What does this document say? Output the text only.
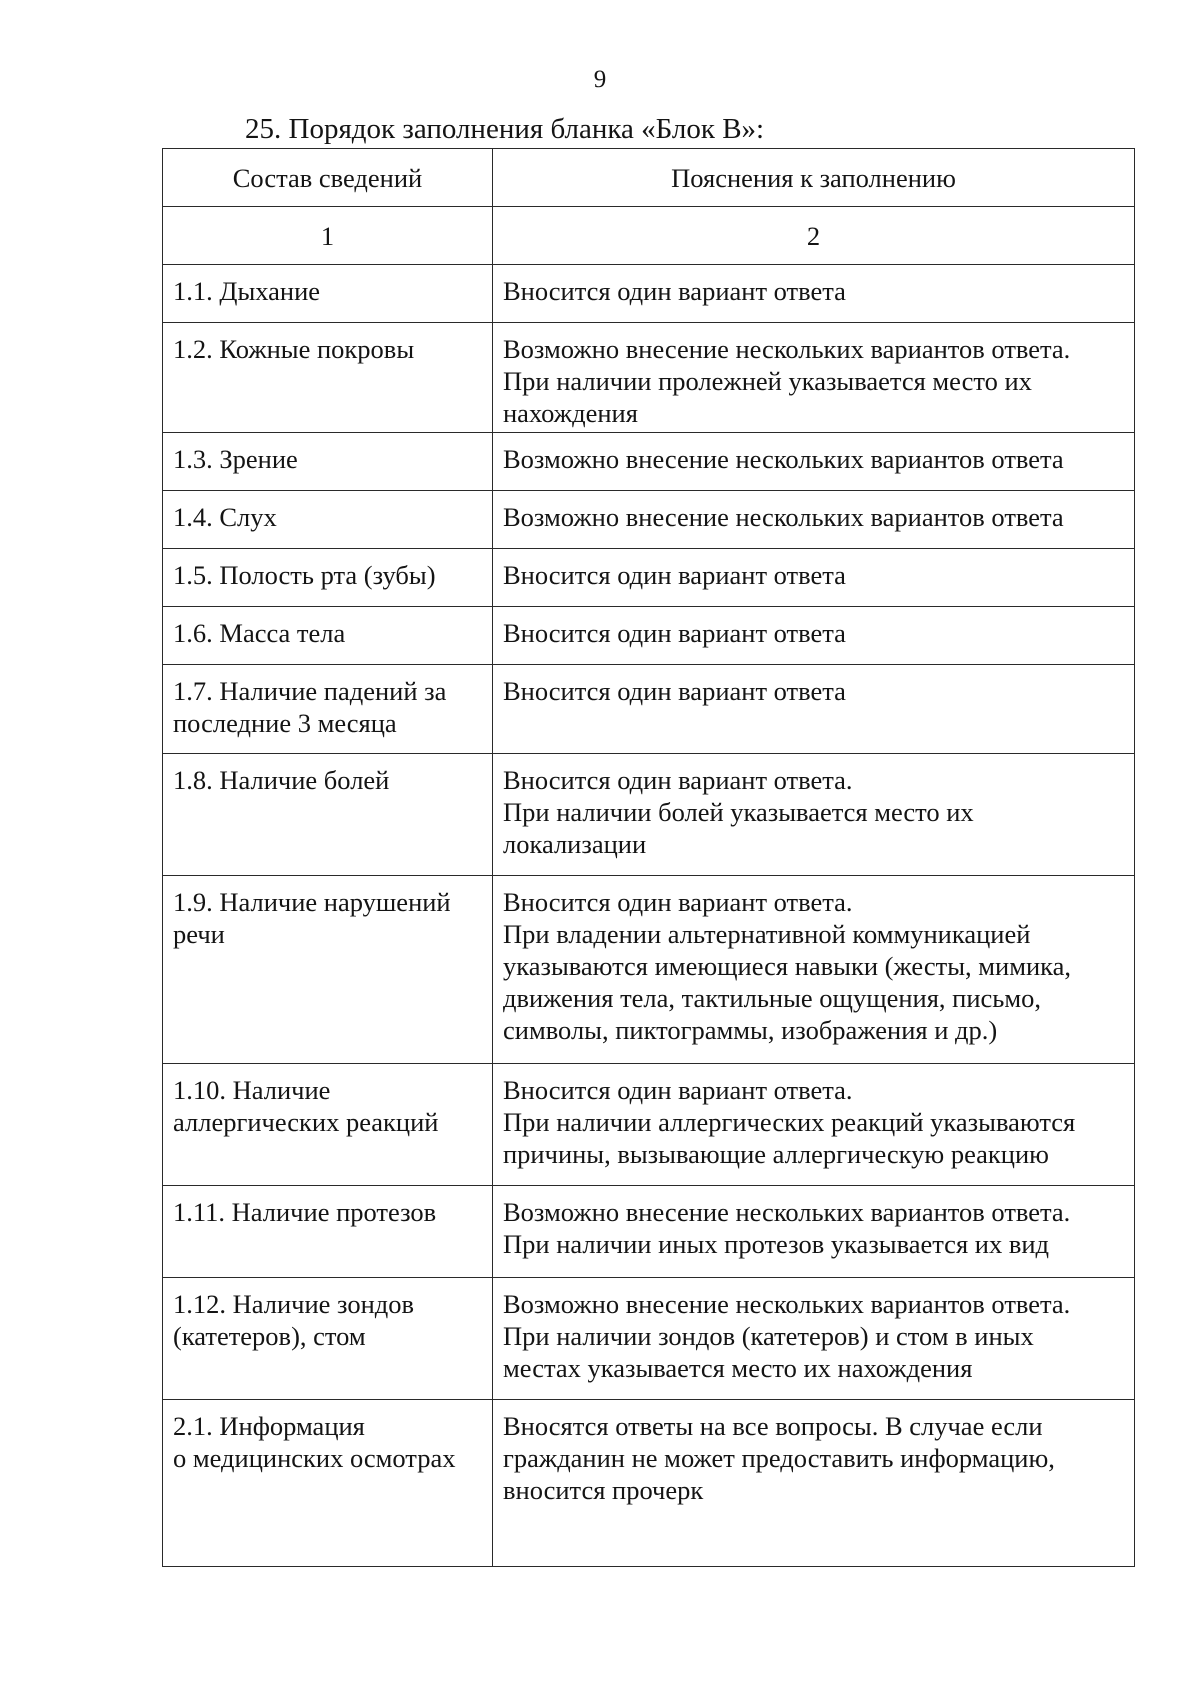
9
25. Порядок заполнения бланка «Блок В»:
Состав сведений	Пояснения к заполнению
1	2

1.1. Дыхание	Вносится один вариант ответа

1.2. Кожные покровы	Возможно внесение нескольких вариантов ответа.
При наличии пролежней указывается место их
нахождения

1.3. Зрение	Возможно внесение нескольких вариантов ответа

1.4. Слух	Возможно внесение нескольких вариантов ответа

1.5. Полость рта (зубы)	Вносится один вариант ответа

1.6. Масса тела	Вносится один вариант ответа

1.7. Наличие падений за
последние 3 месяца	Вносится один вариант ответа

1.8. Наличие болей	Вносится один вариант ответа.
При наличии болей указывается место их
локализации

1.9. Наличие нарушений
речи	Вносится один вариант ответа.
При владении альтернативной коммуникацией
указываются имеющиеся навыки (жесты, мимика,
движения тела, тактильные ощущения, письмо,
символы, пиктограммы, изображения и др.)

1.10. Наличие
аллергических реакций	Вносится один вариант ответа.
При наличии аллергических реакций указываются
причины, вызывающие аллергическую реакцию

1.11. Наличие протезов	Возможно внесение нескольких вариантов ответа.
При наличии иных протезов указывается их вид

1.12. Наличие зондов
(катетеров), стом	Возможно внесение нескольких вариантов ответа.
При наличии зондов (катетеров) и стом в иных
местах указывается место их нахождения

2.1. Информация
о медицинских осмотрах	Вносятся ответы на все вопросы. В случае если
гражданин не может предоставить информацию,
вносится прочерк
